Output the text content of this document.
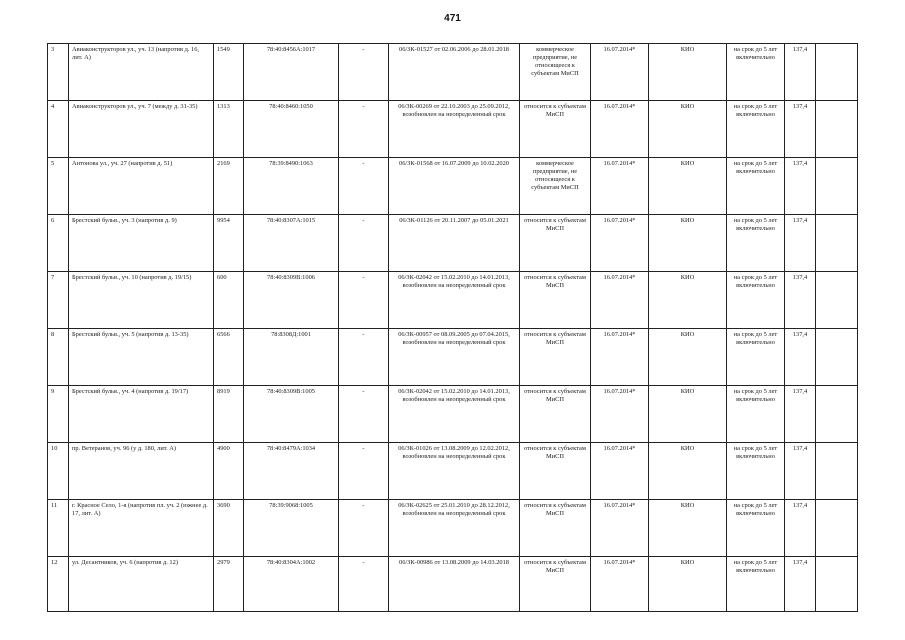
471
3	Авиаконструкторов ул., уч. 13 (напротив д. 16, лит. А)	1549	78:40:8456А:1017	-	06/ЗК-01527 от 02.06.2006 до 28.01.2018	коммерческое предприятие, не относящееся к субъектам МиСП	16.07.2014*	КИО	на срок до 5 лет включительно	137,4	
4	Авиаконструкторов ул., уч. 7 (между д. 31-35)	1313	78:40:8460:1050	-	06/ЗК-00269 от 22.10.2003 до 25.09.2012, возобновлен на неопределенный срок	относится к субъектам МиСП	16.07.2014*	КИО	на срок до 5 лет включительно	137,4	
5	Антонова ул., уч. 27 (напротив д. 51)	2169	78:39:8490:1063	-	06/ЗК-01568 от 16.07.2009 до 10.02.2020	коммерческое предприятие, не относящееся к субъектам МиСП	16.07.2014*	КИО	на срок до 5 лет включительно	137,4	
6	Брестский бульв., уч. 3 (напротив д. 9)	9954	78:40:8307А:1015	-	06/ЗК-01126 от 20.11.2007 до 05.01.2021	относится к субъектам МиСП	16.07.2014*	КИО	на срок до 5 лет включительно	137,4	
7	Брестский бульв., уч. 10 (напротив д. 19/15)	600	78:40:8309В:1006	-	06/ЗК-02042 от 15.02.2010 до 14.01.2013, возобновлен на неопределенный срок	относится к субъектам МиСП	16.07.2014*	КИО	на срок до 5 лет включительно	137,4	
8	Брестский бульв., уч. 5 (напротив д. 13-35)	6566	78:8308Д:1001	-	06/ЗК-00957 от 08.09.2005 до 07.04.2015, возобновлен на неопределенный срок	относится к субъектам МиСП	16.07.2014*	КИО	на срок до 5 лет включительно	137,4	
9	Брестский бульв., уч. 4 (напротив д. 19/17)	8919	78:40:8309В:1005	-	06/ЗК-02042 от 15.02.2010 до 14.01.2013, возобновлен на неопределенный срок	относится к субъектам МиСП	16.07.2014*	КИО	на срок до 5 лет включительно	137,4	
10	пр. Ветеранов, уч. 96 (у д. 180, лит. А)	4900	78:40:8479А:1034	-	06/ЗК-01026 от 13.08.2009 до 12.02.2012, возобновлен на неопределенный срок	относится к субъектам МиСП	16.07.2014*	КИО	на срок до 5 лет включительно	137,4	
11	г. Красное Село, 1-я (напротив пл. уч. 2 (южнее д. 17, лит. А)	3690	78:39:9068:1005	-	06/ЗК-02625 от 25.01.2010 до 28.12.2012, возобновлен на неопределенный срок	относится к субъектам МиСП	16.07.2014*	КИО	на срок до 5 лет включительно	137,4	
12	ул. Десантников, уч. 6 (напротив д. 12)	2979	78:40:8304А:1002	-	06/ЗК-00986 от 13.08.2009 до 14.03.2018	относится к субъектам МиСП	16.07.2014*	КИО	на срок до 5 лет включительно	137,4	
